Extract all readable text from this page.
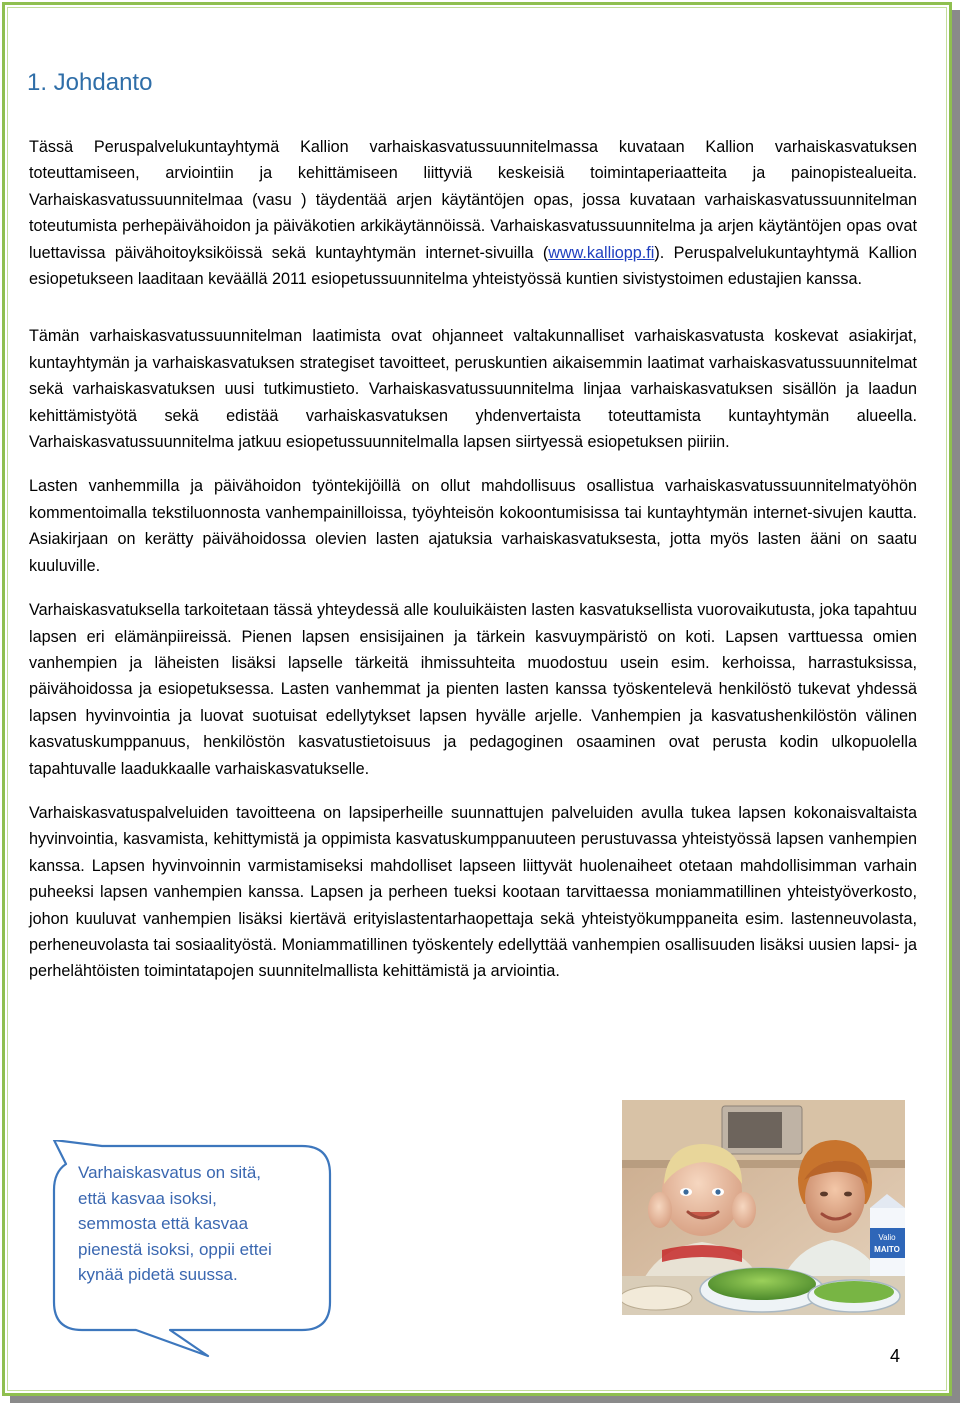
1. Johdanto

Tässä Peruspalvelukuntayhtymä Kallion varhaiskasvatussuunnitelmassa kuvataan Kallion varhaiskasvatuksen toteuttamiseen, arviointiin ja kehittämiseen liittyviä keskeisiä toimintaperiaatteita ja painopistealueita. Varhaiskasvatussuunnitelmaa (vasu ) täydentää arjen käytäntöjen opas, jossa kuvataan varhaiskasvatussuunnitelman toteutumista perhepäivähoidon ja päiväkotien arkikäytännöissä. Varhaiskasvatussuunnitelma ja arjen käytäntöjen opas ovat luettavissa päivähoitoyksiköissä sekä kuntayhtymän internet-sivuilla (www.kalliopp.fi). Peruspalvelukuntayhtymä Kallion esiopetukseen laaditaan keväällä 2011 esiopetussuunnitelma yhteistyössä kuntien sivistystoimen edustajien kanssa.

Tämän varhaiskasvatussuunnitelman laatimista ovat ohjanneet valtakunnalliset varhaiskasvatusta koskevat asiakirjat, kuntayhtymän ja varhaiskasvatuksen strategiset tavoitteet, peruskuntien aikaisemmin laatimat varhaiskasvatussuunnitelmat sekä varhaiskasvatuksen uusi tutkimustieto. Varhaiskasvatussuunnitelma linjaa varhaiskasvatuksen sisällön ja laadun kehittämistyötä sekä edistää varhaiskasvatuksen yhdenvertaista toteuttamista kuntayhtymän alueella. Varhaiskasvatussuunnitelma jatkuu esiopetussuunnitelmalla lapsen siirtyessä esiopetuksen piiriin.

Lasten vanhemmilla ja päivähoidon työntekijöillä on ollut mahdollisuus osallistua varhaiskasvatussuunnitelmatyöhön kommentoimalla tekstiluonnosta vanhempainilloissa, työyhteisön kokoontumisissa tai kuntayhtymän internet-sivujen kautta. Asiakirjaan on kerätty päivähoidossa olevien lasten ajatuksia varhaiskasvatuksesta, jotta myös lasten ääni on saatu kuuluville.

Varhaiskasvatuksella tarkoitetaan tässä yhteydessä alle kouluikäisten lasten kasvatuksellista vuorovaikutusta, joka tapahtuu lapsen eri elämänpiireissä. Pienen lapsen ensisijainen ja tärkein kasvuympäristö on koti. Lapsen varttuessa omien vanhempien ja läheisten lisäksi lapselle tärkeitä ihmissuhteita muodostuu usein esim. kerhoissa, harrastuksissa, päivähoidossa ja esiopetuksessa. Lasten vanhemmat ja pienten lasten kanssa työskentelevä henkilöstö tukevat yhdessä lapsen hyvinvointia ja luovat suotuisat edellytykset lapsen hyvälle arjelle. Vanhempien ja kasvatushenkilöstön välinen kasvatuskumppanuus, henkilöstön kasvatustietoisuus ja pedagoginen osaaminen ovat perusta kodin ulkopuolella tapahtuvalle laadukkaalle varhaiskasvatukselle.

Varhaiskasvatuspalveluiden tavoitteena on lapsiperheille suunnattujen palveluiden avulla tukea lapsen kokonaisvaltaista hyvinvointia, kasvamista, kehittymistä ja oppimista kasvatuskumppanuuteen perustuvassa yhteistyössä lapsen vanhempien kanssa. Lapsen hyvinvoinnin varmistamiseksi mahdolliset lapseen liittyvät huolenaiheet otetaan mahdollisimman varhain puheeksi lapsen vanhempien kanssa. Lapsen ja perheen tueksi kootaan tarvittaessa moniammatillinen yhteistyöverkosto, johon kuuluvat vanhempien lisäksi kiertävä erityislastentarhaopettaja sekä yhteistyökumppaneita esim. lastenneuvolasta, perheneuvolasta tai sosiaalityöstä. Moniammatillinen työskentely edellyttää vanhempien osallisuuden lisäksi uusien lapsi- ja perhelähtöisten toimintatapojen suunnitelmallista kehittämistä ja arviointia.

Varhaiskasvatus on sitä,
että kasvaa isoksi,
semmosta että kasvaa
pienestä isoksi, oppii ettei
kynää pidetä suussa.

Valio
MAITO
4
